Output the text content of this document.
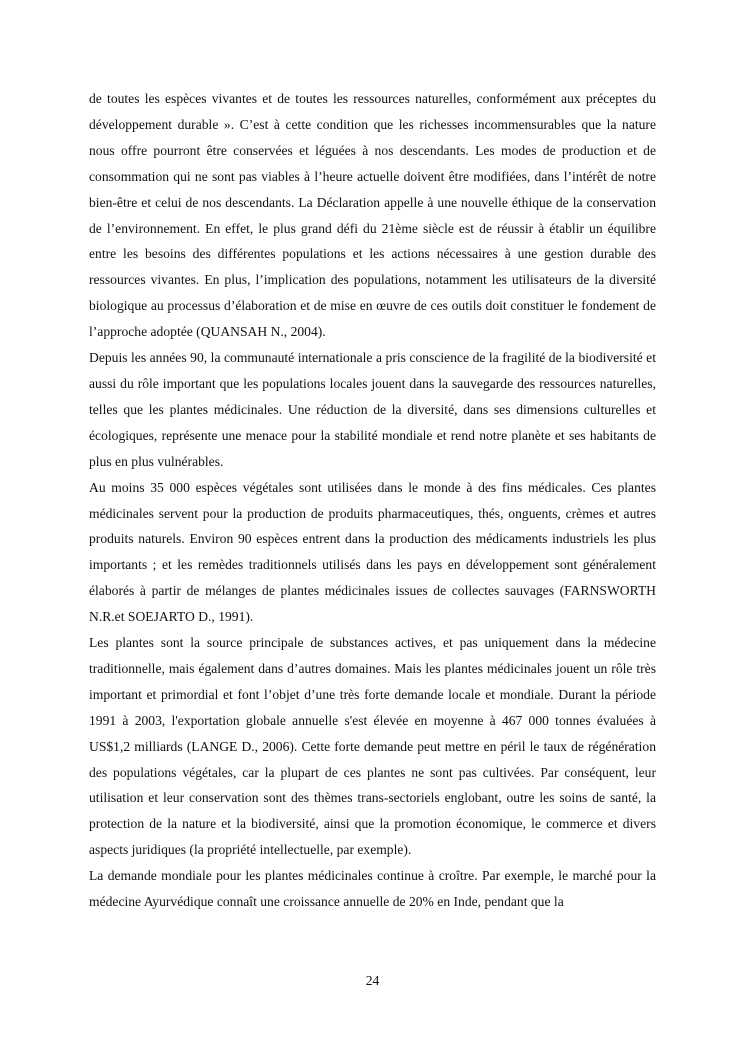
de toutes les espèces vivantes et de toutes les ressources naturelles, conformément aux préceptes du développement durable ». C’est à cette condition que les richesses incommensurables que la nature nous offre pourront être conservées et léguées à nos descendants. Les modes de production et de consommation qui ne sont pas viables à l’heure actuelle doivent être modifiées, dans l’intérêt de notre bien-être et celui de nos descendants. La Déclaration appelle à une nouvelle éthique de la conservation de l’environnement. En effet, le plus grand défi du 21ème siècle est de réussir à établir un équilibre entre les besoins des différentes populations et les actions nécessaires à une gestion durable des ressources vivantes. En plus, l’implication des populations, notamment les utilisateurs de la diversité biologique au processus d’élaboration et de mise en œuvre de ces outils doit constituer le fondement de l’approche adoptée (QUANSAH N., 2004).

Depuis les années 90, la communauté internationale a pris conscience de la fragilité de la biodiversité et aussi du rôle important que les populations locales jouent dans la sauvegarde des ressources naturelles, telles que les plantes médicinales. Une réduction de la diversité, dans ses dimensions culturelles et écologiques, représente une menace pour la stabilité mondiale et rend notre planète et ses habitants de plus en plus vulnérables.

Au moins 35 000 espèces végétales sont utilisées dans le monde à des fins médicales. Ces plantes médicinales servent pour la production de produits pharmaceutiques, thés, onguents, crèmes et autres produits naturels. Environ 90 espèces entrent dans la production des médicaments industriels les plus importants ; et les remèdes traditionnels utilisés dans les pays en développement sont généralement élaborés à partir de mélanges de plantes médicinales issues de collectes sauvages (FARNSWORTH N.R.et SOEJARTO D., 1991).

Les plantes sont la source principale de substances actives, et pas uniquement dans la médecine traditionnelle, mais également dans d’autres domaines. Mais les plantes médicinales jouent un rôle très important et primordial et font l’objet d’une très forte demande locale et mondiale. Durant la période 1991 à 2003, l'exportation globale annuelle s'est élevée en moyenne à 467 000 tonnes évaluées à US$1,2 milliards (LANGE D., 2006). Cette forte demande peut mettre en péril le taux de régénération des populations végétales, car la plupart de ces plantes ne sont pas cultivées. Par conséquent, leur utilisation et leur conservation sont des thèmes trans-sectoriels englobant, outre les soins de santé, la protection de la nature et la biodiversité, ainsi que la promotion économique, le commerce et divers aspects juridiques (la propriété intellectuelle, par exemple).

La demande mondiale pour les plantes médicinales continue à croître. Par exemple, le marché pour la médecine Ayurvédique connaît une croissance annuelle de 20% en Inde, pendant que la

24
